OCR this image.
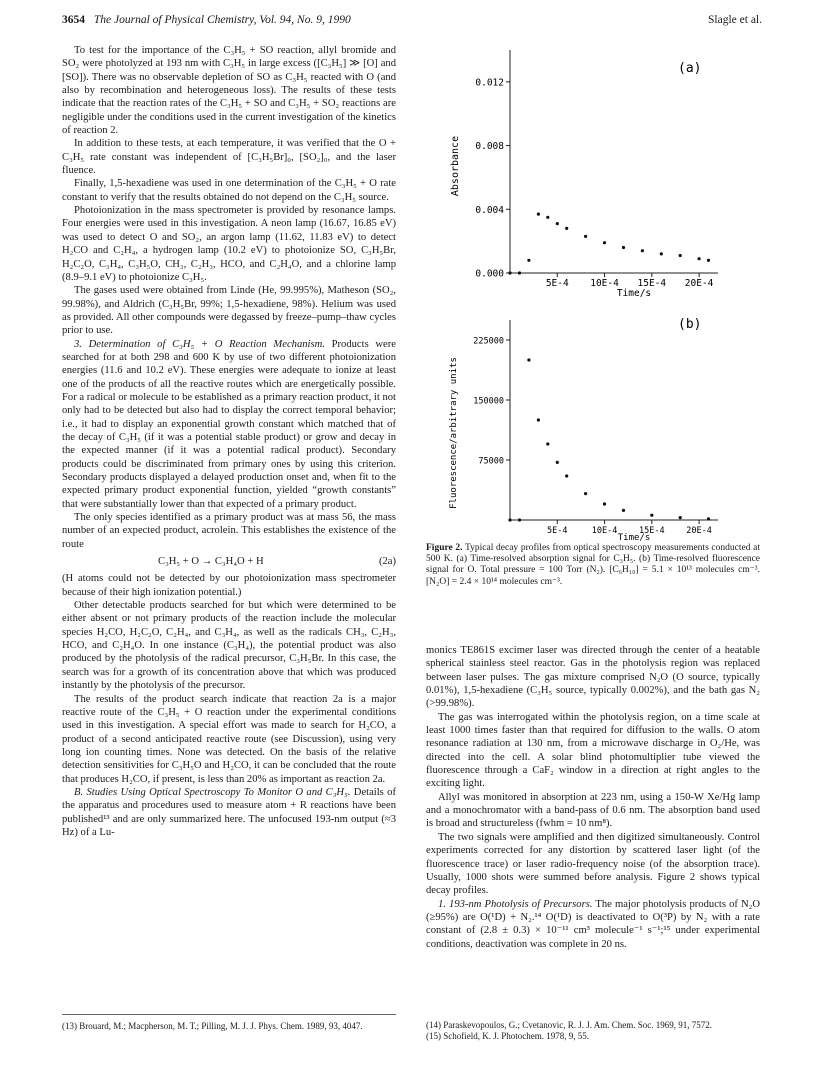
3654 The Journal of Physical Chemistry, Vol. 94, No. 9, 1990	Slagle et al.

To test for the importance of the C₃H₅ + SO reaction, allyl bromide and SO₂ were photolyzed at 193 nm with C₃H₅ in large excess ([C₃H₅] ≫ [O] and [SO]). There was no observable depletion of SO as C₃H₅ reacted with O (and also by recombination and heterogeneous loss). The results of these tests indicate that the reaction rates of the C₃H₅ + SO and C₃H₅ + SO₂ reactions are negligible under the conditions used in the current investigation of the kinetics of reaction 2.

In addition to these tests, at each temperature, it was verified that the O + C₃H₅ rate constant was independent of [C₃H₅Br]₀, [SO₂]₀, and the laser fluence.

Finally, 1,5-hexadiene was used in one determination of the C₃H₅ + O rate constant to verify that the results obtained do not depend on the C₃H₅ source.

Photoionization in the mass spectrometer is provided by resonance lamps. Four energies were used in this investigation. A neon lamp (16.67, 16.85 eV) was used to detect O and SO₂, an argon lamp (11.62, 11.83 eV) to detect H₂CO and C₂H₄, a hydrogen lamp (10.2 eV) to photoionize SO, C₃H₅Br, H₂C₂O, C₃H₄, C₃H₅O, CH₃, C₂H₃, HCO, and C₂H₄O, and a chlorine lamp (8.9–9.1 eV) to photoionize C₃H₅.

The gases used were obtained from Linde (He, 99.995%), Matheson (SO₂, 99.98%), and Aldrich (C₃H₅Br, 99%; 1,5-hexadiene, 98%). Helium was used as provided. All other compounds were degassed by freeze–pump–thaw cycles prior to use.

3. Determination of C₃H₅ + O Reaction Mechanism. Products were searched for at both 298 and 600 K by use of two different photoionization energies (11.6 and 10.2 eV). These energies were adequate to ionize at least one of the products of all the reactive routes which are energetically possible. For a radical or molecule to be established as a primary reaction product, it not only had to be detected but also had to display the correct temporal behavior; i.e., it had to display an exponential growth constant which matched that of the decay of C₃H₅ (if it was a potential stable product) or grow and decay in the expected manner (if it was a potential radical product). Secondary products could be discriminated from primary ones by using this criterion. Secondary products displayed a delayed production onset and, when fit to the expected primary product exponential function, yielded “growth constants” that were substantially lower than that expected of a primary product.

The only species identified as a primary product was at mass 56, the mass number of an expected product, acrolein. This establishes the existence of the route

C₃H₅ + O → C₃H₄O + H	(2a)

(H atoms could not be detected by our photoionization mass spectrometer because of their high ionization potential.)

Other detectable products searched for but which were determined to be either absent or not primary products of the reaction include the molecular species H₂CO, H₂C₂O, C₂H₄, and C₃H₄, as well as the radicals CH₃, C₂H₃, HCO, and C₂H₄O. In one instance (C₃H₄), the potential product was also produced by the photolysis of the radical precursor, C₃H₅Br. In this case, the search was for a growth of its concentration above that which was produced instantly by the photolysis of the precursor.

The results of the product search indicate that reaction 2a is a major reactive route of the C₃H₅ + O reaction under the experimental conditions used in this investigation. A special effort was made to search for H₂CO, a product of a second anticipated reactive route (see Discussion), using very long ion counting times. None was detected. On the basis of the relative detection sensitivities for C₃H₅O and H₂CO, it can be concluded that the route that produces H₂CO, if present, is less than 20% as important as reaction 2a.

B. Studies Using Optical Spectroscopy To Monitor O and C₃H₅. Details of the apparatus and procedures used to measure atom + R reactions have been published¹³ and are only summarized here. The unfocused 193-nm output (≈3 Hz) of a Lu-

(a)
Absorbance
Time/s
0.000
0.004
0.008
0.012
5E-4 10E-4 15E-4 20E-4
(b)
Fluorescence/arbitrary units
Time/s
75000
150000
225000
5E-4	10E-4	15E-4	20E-4
Figure 2. Typical decay profiles from optical spectroscopy measurements conducted at 500 K. (a) Time-resolved absorption signal for C₃H₅. (b) Time-resolved fluorescence signal for O. Total pressure = 100 Torr (N₂). [C₆H₁₀] = 5.1 × 10¹³ molecules cm⁻³. [N₂O] = 2.4 × 10¹⁴ molecules cm⁻³.

monics TE861S excimer laser was directed through the center of a heatable spherical stainless steel reactor. Gas in the photolysis region was replaced between laser pulses. The gas mixture comprised N₂O (O source, typically 0.01%), 1,5-hexadiene (C₃H₅ source, typically 0.002%), and the bath gas N₂ (>99.98%).

The gas was interrogated within the photolysis region, on a time scale at least 1000 times faster than that required for diffusion to the walls. O atom resonance radiation at 130 nm, from a microwave discharge in O₂/He, was directed into the cell. A solar blind photomultiplier tube viewed the fluorescence through a CaF₂ window in a direction at right angles to the exciting light.

Allyl was monitored in absorption at 223 nm, using a 150-W Xe/Hg lamp and a monochromator with a band-pass of 0.6 nm. The absorption band used is broad and structureless (fwhm = 10 nm⁸).

The two signals were amplified and then digitized simultaneously. Control experiments corrected for any distortion by scattered laser light (of the fluorescence trace) or laser radio-frequency noise (of the absorption trace). Usually, 1000 shots were summed before analysis. Figure 2 shows typical decay profiles.

1. 193-nm Photolysis of Precursors. The major photolysis products of N₂O (≥95%) are O(¹D) + N₂.¹⁴ O(¹D) is deactivated to O(³P) by N₂ with a rate constant of (2.8 ± 0.3) × 10⁻¹¹ cm³ molecule⁻¹ s⁻¹;¹⁵ under experimental conditions, deactivation was complete in 20 ns.

(13) Brouard, M.; Macpherson, M. T.; Pilling, M. J. J. Phys. Chem. 1989, 93, 4047.	(14) Paraskevopoulos, G.; Cvetanovic, R. J. J. Am. Chem. Soc. 1969, 91, 7572.

(15) Schofield, K. J. Photochem. 1978, 9, 55.
